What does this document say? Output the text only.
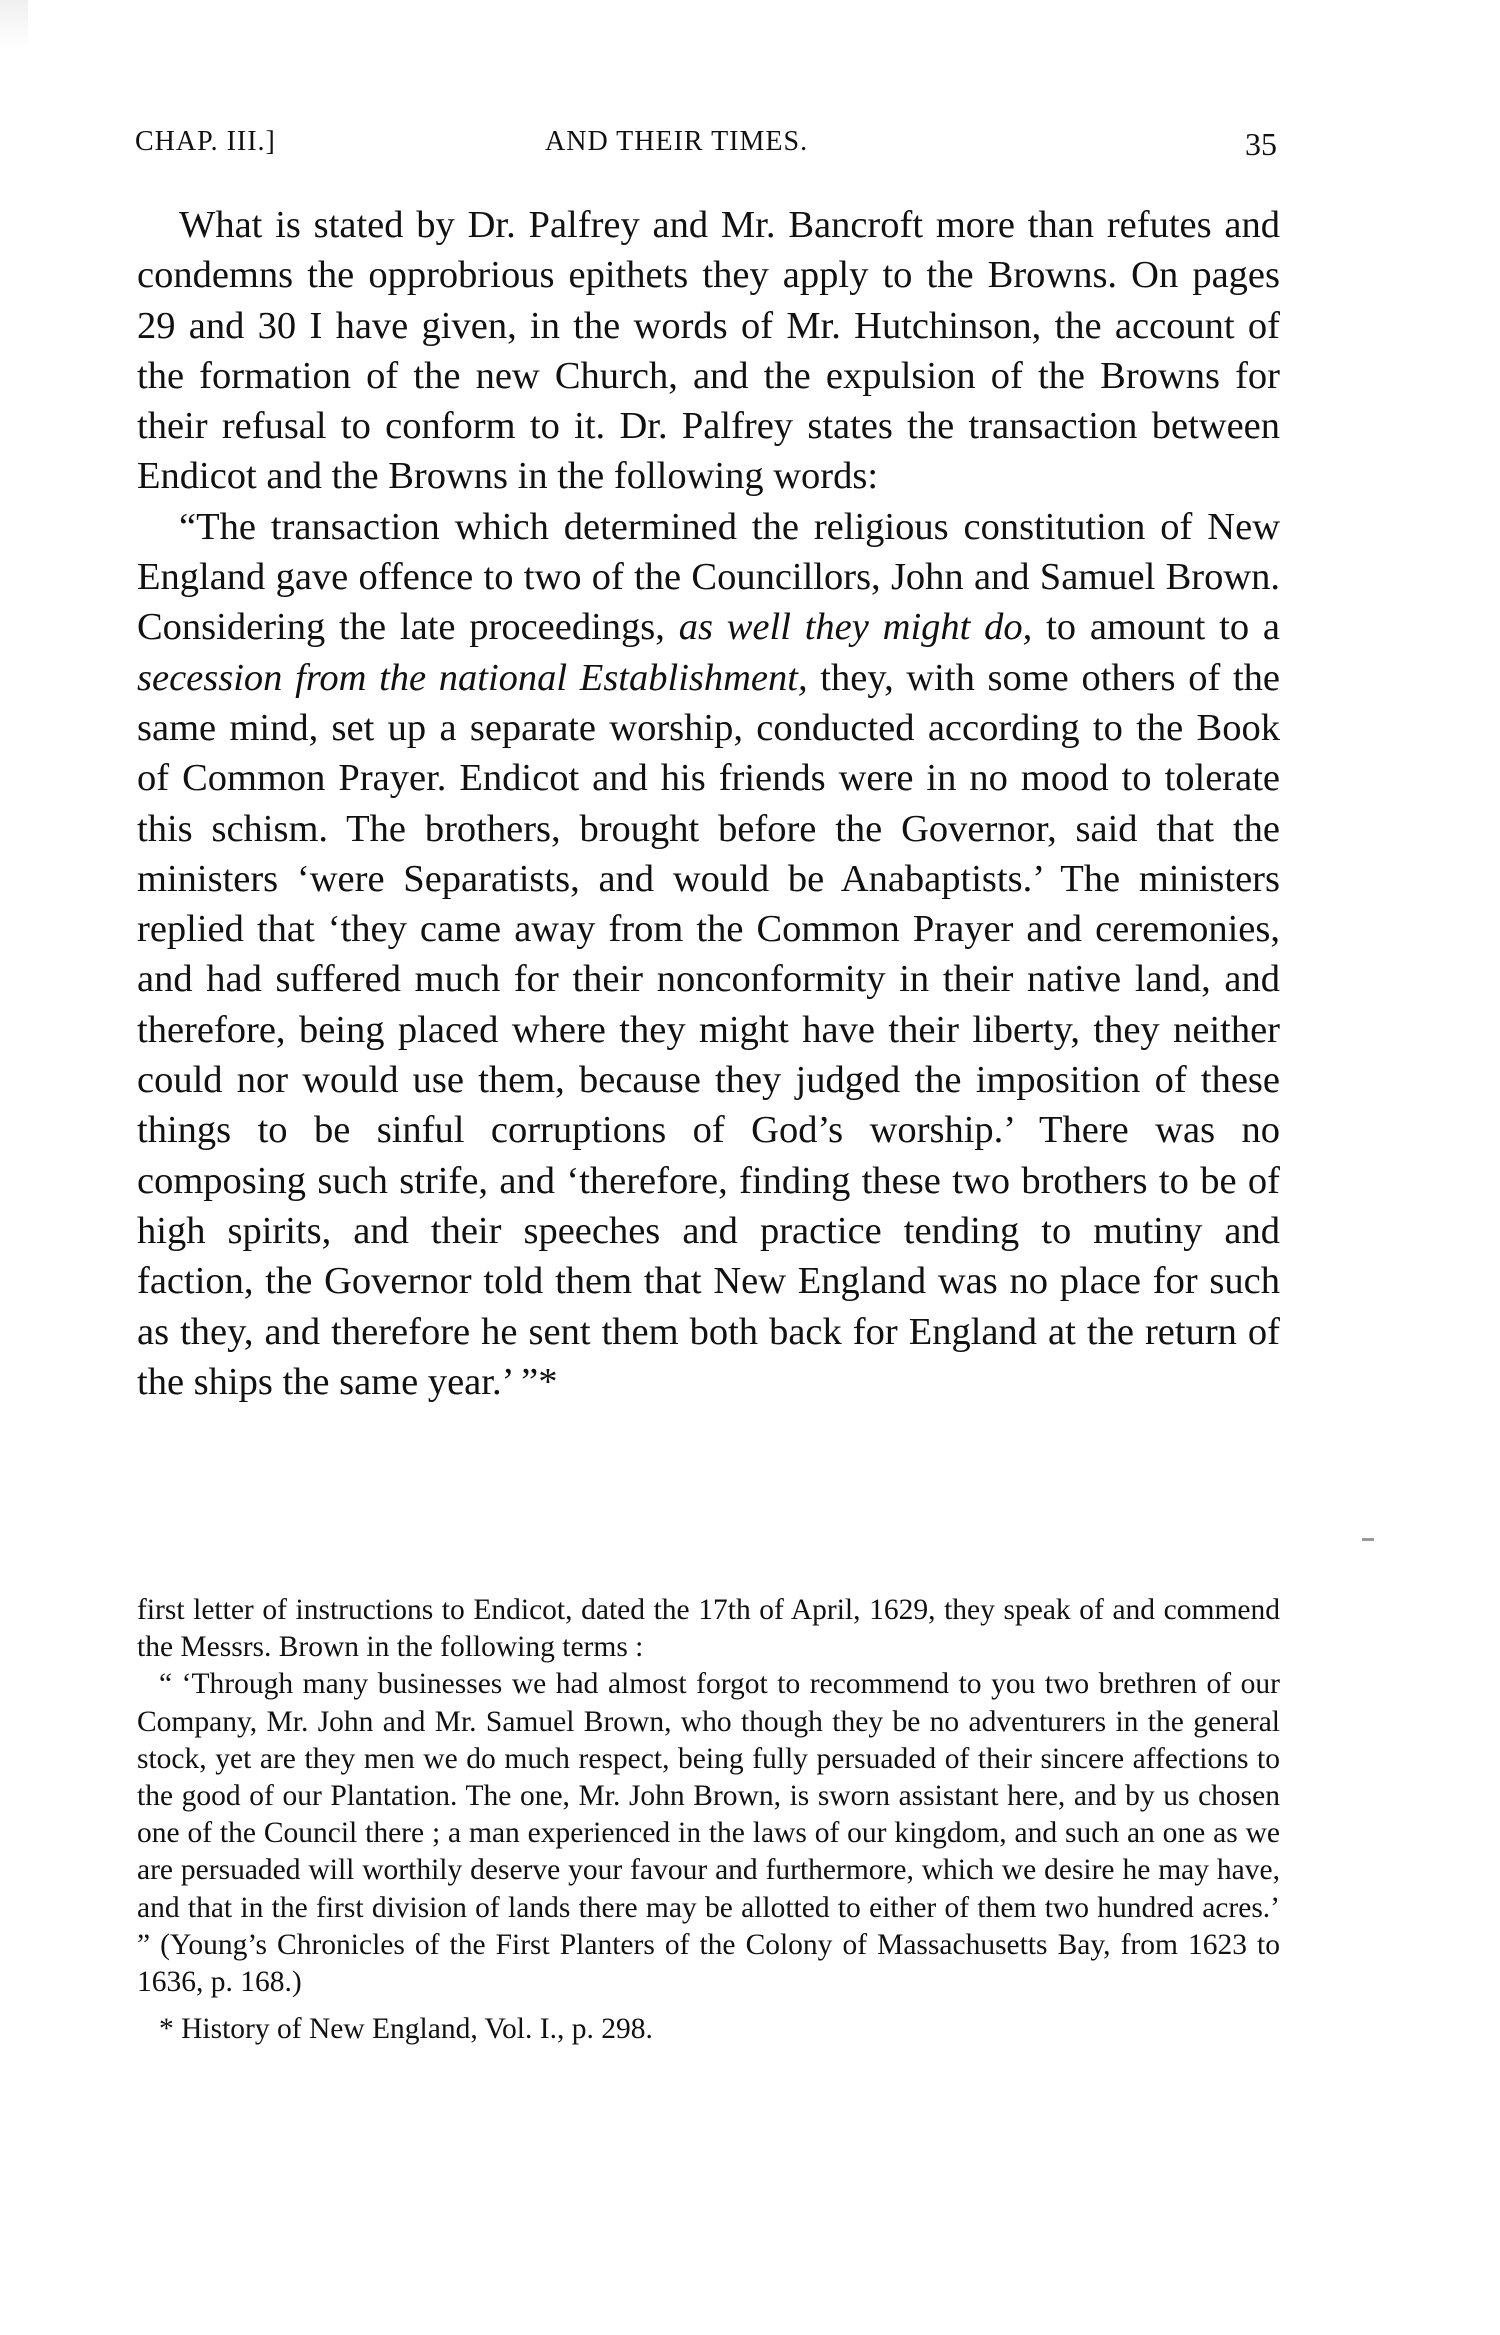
CHAP. III.]	AND THEIR TIMES.	35

What is stated by Dr. Palfrey and Mr. Bancroft more than refutes and condemns the opprobrious epithets they apply to the Browns. On pages 29 and 30 I have given, in the words of Mr. Hutchinson, the account of the formation of the new Church, and the expulsion of the Browns for their refusal to conform to it. Dr. Palfrey states the transaction between Endicot and the Browns in the following words:

“The transaction which determined the religious constitution of New England gave offence to two of the Councillors, John and Samuel Brown. Considering the late proceedings, as well they might do, to amount to a secession from the national Establishment, they, with some others of the same mind, set up a separate worship, conducted according to the Book of Common Prayer. Endicot and his friends were in no mood to tolerate this schism. The brothers, brought before the Governor, said that the ministers ‘were Separatists, and would be Anabaptists.’ The ministers replied that ‘they came away from the Common Prayer and ceremonies, and had suffered much for their nonconformity in their native land, and therefore, being placed where they might have their liberty, they neither could nor would use them, because they judged the imposition of these things to be sinful corruptions of God’s worship.’ There was no composing such strife, and ‘therefore, finding these two brothers to be of high spirits, and their speeches and practice tending to mutiny and faction, the Governor told them that New England was no place for such as they, and therefore he sent them both back for England at the return of the ships the same year.’ ”*

first letter of instructions to Endicot, dated the 17th of April, 1629, they speak of and commend the Messrs. Brown in the following terms :

“ ‘Through many businesses we had almost forgot to recommend to you two brethren of our Company, Mr. John and Mr. Samuel Brown, who though they be no adventurers in the general stock, yet are they men we do much respect, being fully persuaded of their sincere affections to the good of our Plantation. The one, Mr. John Brown, is sworn assistant here, and by us chosen one of the Council there ; a man experienced in the laws of our kingdom, and such an one as we are persuaded will worthily deserve your favour and furthermore, which we desire he may have, and that in the first division of lands there may be allotted to either of them two hundred acres.’ ” (Young’s Chronicles of the First Planters of the Colony of Massachusetts Bay, from 1623 to 1636, p. 168.)

* History of New England, Vol. I., p. 298.
